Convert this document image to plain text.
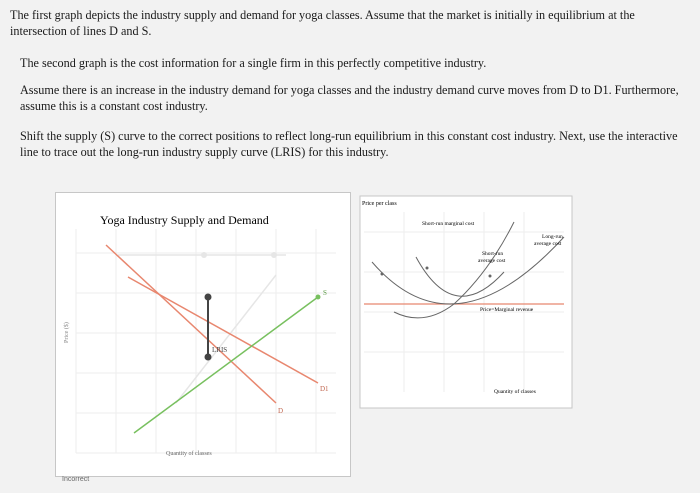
The first graph depicts the industry supply and demand for yoga classes. Assume that the market is initially in equilibrium at the intersection of lines D and S.

The second graph is the cost information for a single firm in this perfectly competitive industry.

Assume there is an increase in the industry demand for yoga classes and the industry demand curve moves from D to D1. Furthermore, assume this is a constant cost industry.

Shift the supply (S) curve to the correct positions to reflect long-run equilibrium in this constant cost industry. Next, use the interactive line to trace out the long-run industry supply curve (LRIS) for this industry.

Yoga Industry Supply and Demand
S
D
D1
LRIS
Price ($)
Quantity of classes
Incorrect
Price per class
Short-run marginal cost
Long-run
average cost
Short-run
average cost
Price=Marginal revenue
Quantity of classes
